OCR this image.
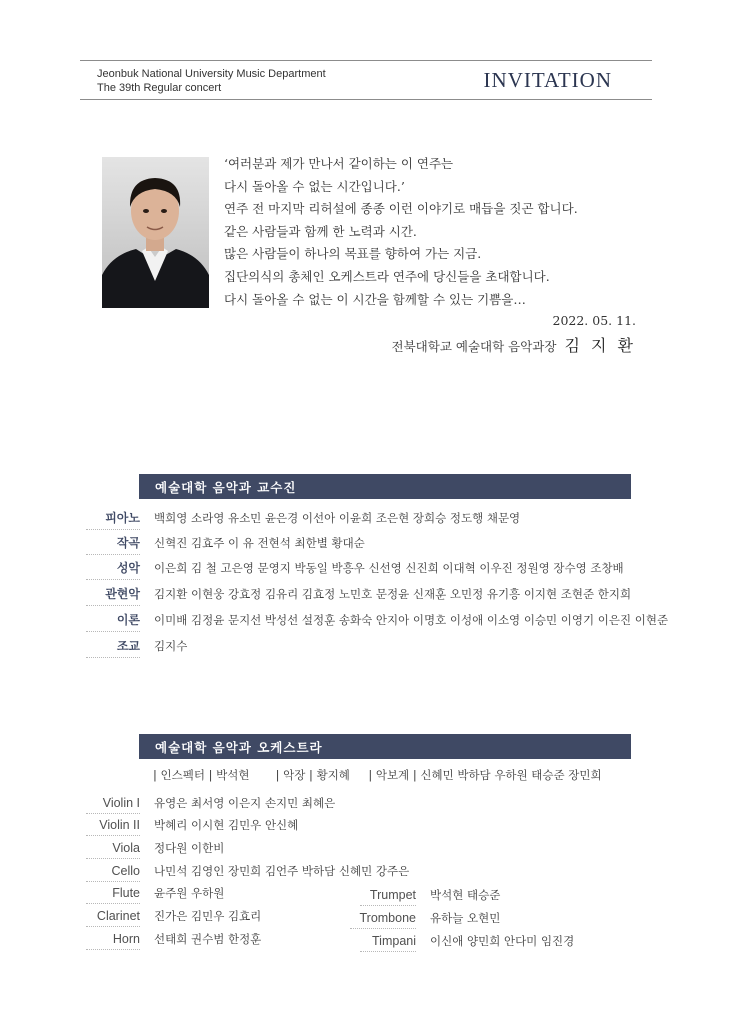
Jeonbuk National University Music Department
The 39th Regular concert	INVITATION
‘여러분과 제가 만나서 같이하는 이 연주는
다시 돌아올 수 없는 시간입니다.’
연주 전 마지막 리허설에 종종 이런 이야기로 매듭을 짓곤 합니다.
같은 사람들과 함께 한 노력과 시간.
많은 사람들이 하나의 목표를 향하여 가는 지금.
집단의식의 총체인 오케스트라 연주에 당신들을 초대합니다.
다시 돌아올 수 없는 이 시간을 함께할 수 있는 기쁨을…
2022. 05. 11.
전북대학교 예술대학 음악과장 김 지 환
예술대학 음악과 교수진
피아노 백희영 소라영 유소민 윤은경 이선아 이윤희 조은현 장희승 정도행 채문영
작곡 신혁진 김효주 이 유 전현석 최한별 황대순
성악 이은희 김 철 고은영 문영지 박동일 박흥우 신선영 신진희 이대혁 이우진 정원영 장수영 조창배
관현악 김지환 이현웅 강효정 김유리 김효정 노민호 문정윤 신재훈 오민정 유기흥 이지현 조현준 한지희
이론 이미배 김정윤 문지선 박성선 설정훈 송화숙 안지아 이명호 이성애 이소영 이승민 이영기 이은진 이현준
조교 김지수
예술대학 음악과 오케스트라
| 인스펙터 | 박석현 | 악장 | 황지혜 | 악보계 | 신혜민 박하담 우하원 태승준 장민희
Violin I 유영은 최서영 이은지 손지민 최혜은
Violin II 박혜리 이시현 김민우 안신혜
Viola 정다원 이한비
Cello 나민석 김영인 장민희 김언주 박하담 신혜민 강주은
Flute 윤주원 우하원
Clarinet 진가은 김민우 김효리
Horn 선태희 권수범 한정훈
Trumpet 박석현 태승준
Trombone 유하늘 오현민
Timpani 이신애 양민희 안다미 임진경
